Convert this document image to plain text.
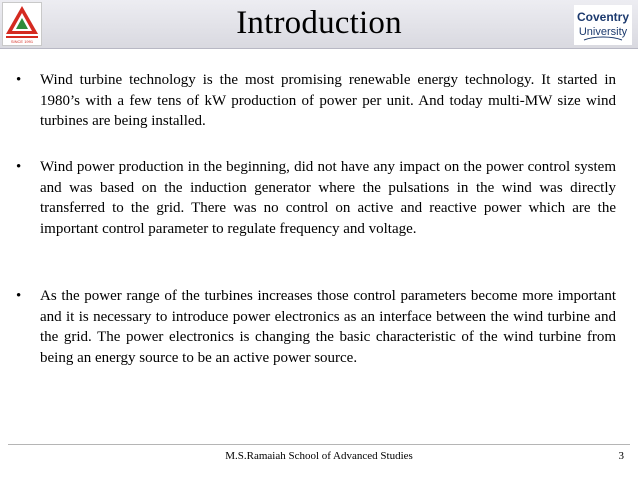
SINCE 1991
Introduction	Coventry
University
•	Wind turbine technology is the most promising renewable energy technology. It started in 1980’s with a few tens of kW production of power per unit. And today multi-MW size wind turbines are being installed.
•	Wind power production in the beginning, did not have any impact on the power control system and was based on the induction generator where the pulsations in the wind was directly transferred to the grid. There was no control on active and reactive power which are the important control parameter to regulate frequency and voltage.
•	As the power range of the turbines increases those control parameters become more important and it is necessary to introduce power electronics as an interface between the wind turbine and the grid. The power electronics is changing the basic characteristic of the wind turbine from being an energy source to be an active power source.
M.S.Ramaiah School of Advanced Studies	3
